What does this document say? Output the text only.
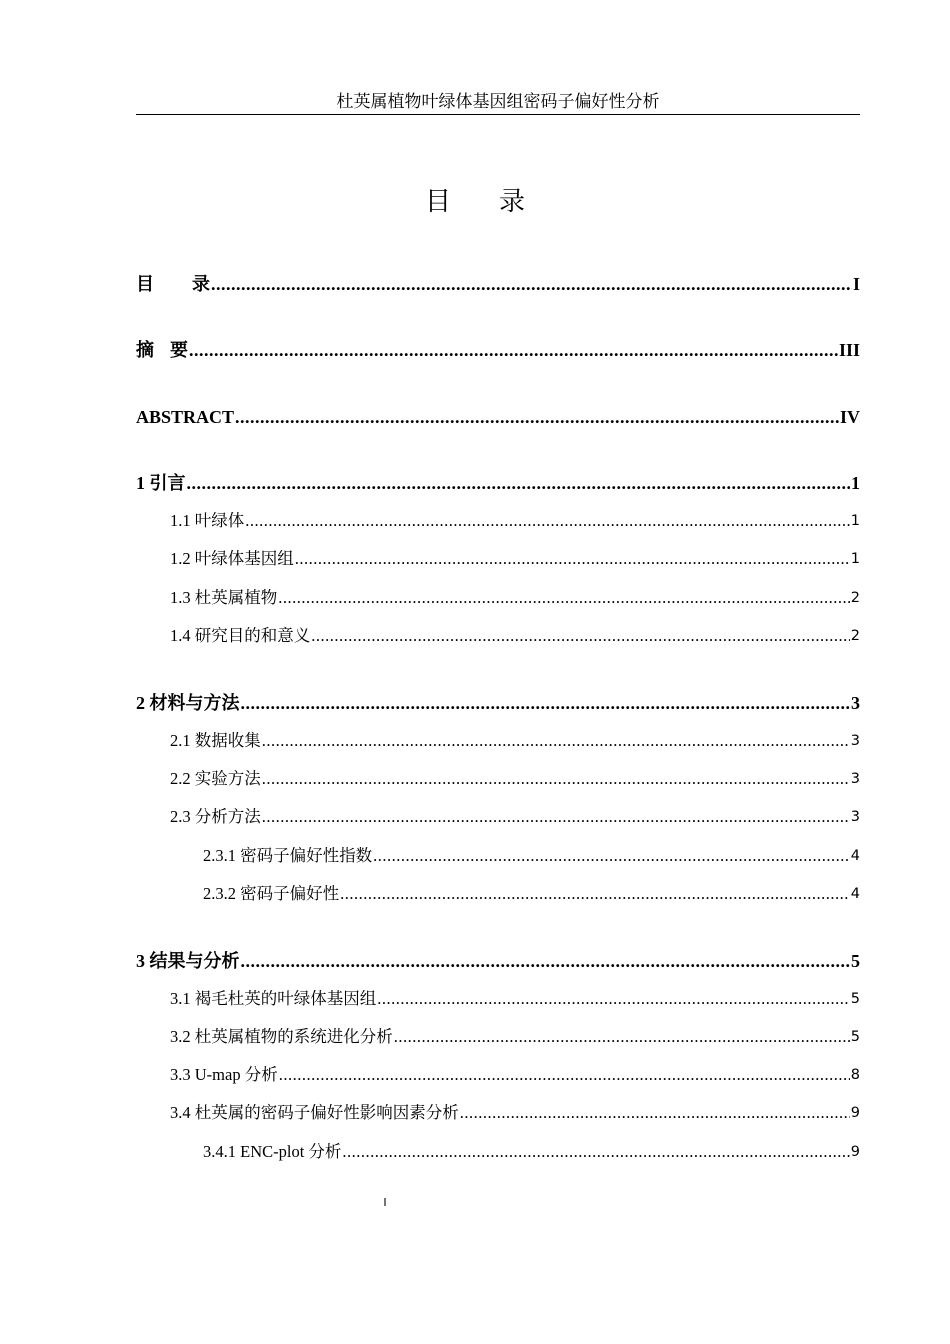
杜英属植物叶绿体基因组密码子偏好性分析
目 录
目 录 .....	I
摘 要 .....	III
ABSTRACT .....	IV
1 引言 .....	1
1.1 叶绿体 .....	1
1.2 叶绿体基因组 .....	1
1.3 杜英属植物 .....	2
1.4 研究目的和意义 .....	2
2 材料与方法 .....	3
2.1 数据收集 .....	3
2.2 实验方法 .....	3
2.3 分析方法 .....	3
2.3.1 密码子偏好性指数 .....	4
2.3.2 密码子偏好性 .....	4
3 结果与分析 .....	5
3.1 褐毛杜英的叶绿体基因组 .....	5
3.2 杜英属植物的系统进化分析 .....	5
3.3 U-map 分析 .....	8
3.4 杜英属的密码子偏好性影响因素分析 .....	9
3.4.1 ENC-plot 分析 .....	9
I
